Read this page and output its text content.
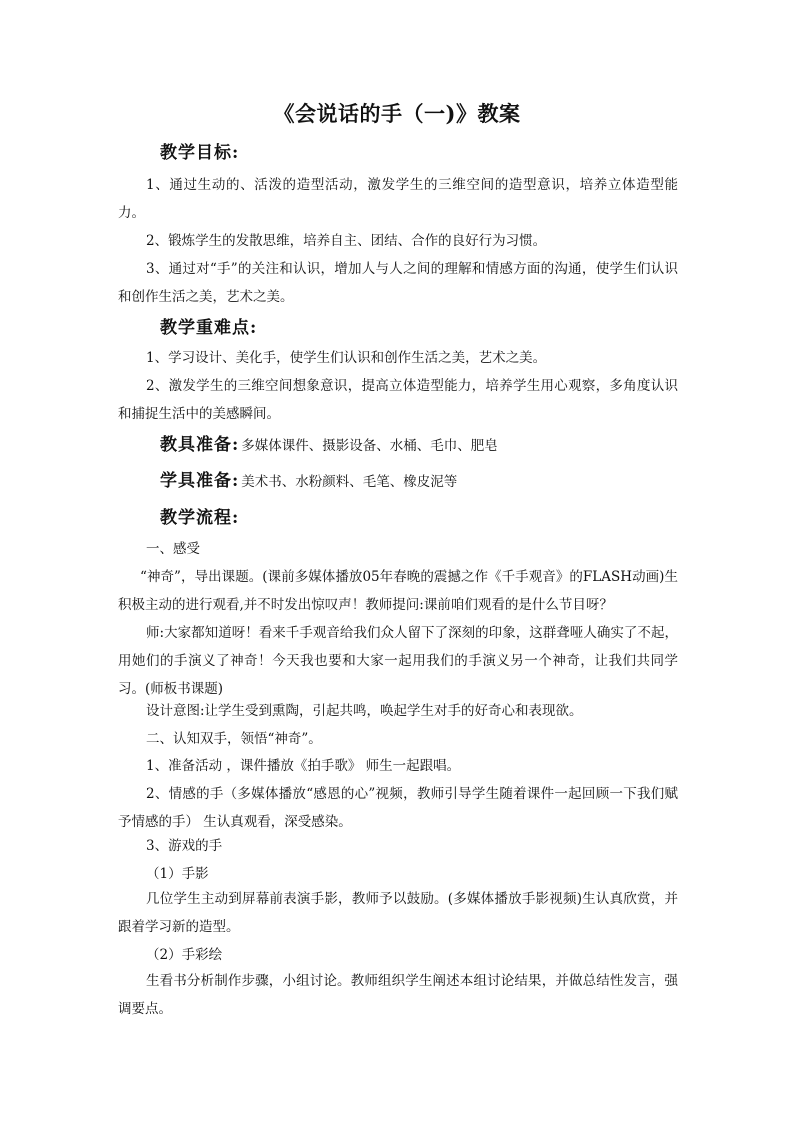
《会说话的手（一)》教案
教学目标:
1、通过生动的、活泼的造型活动，激发学生的三维空间的造型意识，培养立体造型能力。
2、锻炼学生的发散思维，培养自主、团结、合作的良好行为习惯。
3、通过对“手”的关注和认识，增加人与人之间的理解和情感方面的沟通，使学生们认识和创作生活之美，艺术之美。
教学重难点:
1、学习设计、美化手，使学生们认识和创作生活之美，艺术之美。
2、激发学生的三维空间想象意识，提高立体造型能力，培养学生用心观察，多角度认识和捕捉生活中的美感瞬间。
教具准备: 多媒体课件、摄影设备、水桶、毛巾、肥皂
学具准备: 美术书、水粉颜料、毛笔、橡皮泥等
教学流程:
一、感受
“神奇”，导出课题。(课前多媒体播放05年春晚的震撼之作《千手观音》的FLASH动画)生积极主动的进行观看,并不时发出惊叹声！教师提问:课前咱们观看的是什么节目呀？
师:大家都知道呀！看来千手观音给我们众人留下了深刻的印象，这群聋哑人确实了不起，用她们的手演义了神奇！今天我也要和大家一起用我们的手演义另一个神奇，让我们共同学习。(师板书课题)
设计意图:让学生受到熏陶，引起共鸣，唤起学生对手的好奇心和表现欲。
二、认知双手，领悟“神奇”。
1、准备活动 ，课件播放《拍手歌》 师生一起跟唱。
2、情感的手（多媒体播放“感恩的心”视频，教师引导学生随着课件一起回顾一下我们赋予情感的手） 生认真观看，深受感染。
3、游戏的手
（1）手影
几位学生主动到屏幕前表演手影，教师予以鼓励。(多媒体播放手影视频)生认真欣赏，并跟着学习新的造型。
（2）手彩绘
生看书分析制作步骤，小组讨论。教师组织学生阐述本组讨论结果，并做总结性发言，强调要点。
